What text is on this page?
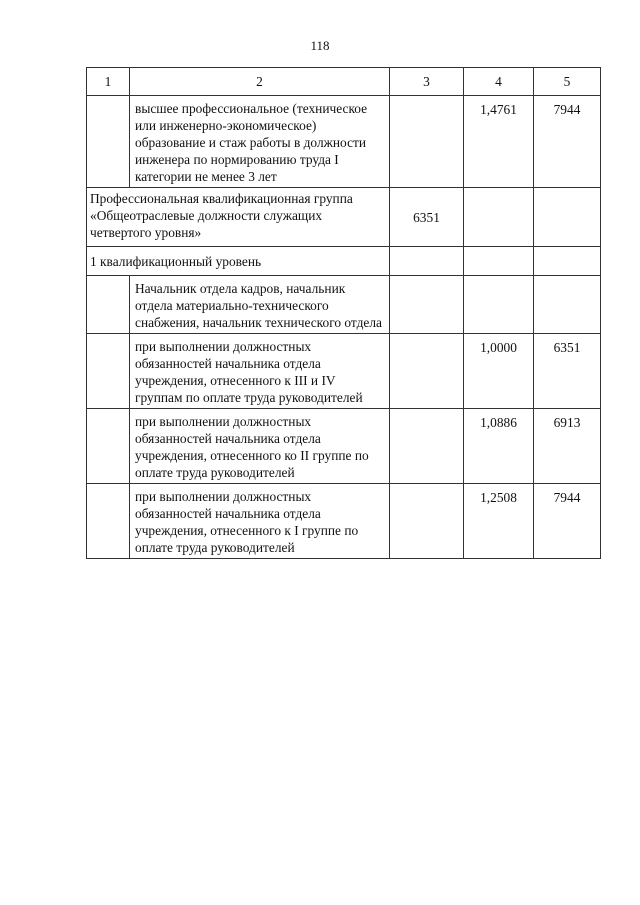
118
1	2	3	4	5
	высшее профессиональное (техническое или инженерно-экономическое) образование и стаж работы в должности инженера по нормированию труда I категории не менее 3 лет		1,4761	7944
Профессиональная квалификационная группа «Общеотраслевые должности служащих четвертого уровня»		6351		
1 квалификационный уровень				
	Начальник отдела кадров, начальник отдела материально-технического снабжения, начальник технического отдела			
	при выполнении должностных обязанностей начальника отдела учреждения, отнесенного к III и IV группам по оплате труда руководителей		1,0000	6351
	при выполнении должностных обязанностей начальника отдела учреждения, отнесенного ко II группе по оплате труда руководителей		1,0886	6913
	при выполнении должностных обязанностей начальника отдела учреждения, отнесенного к I группе по оплате труда руководителей		1,2508	7944
